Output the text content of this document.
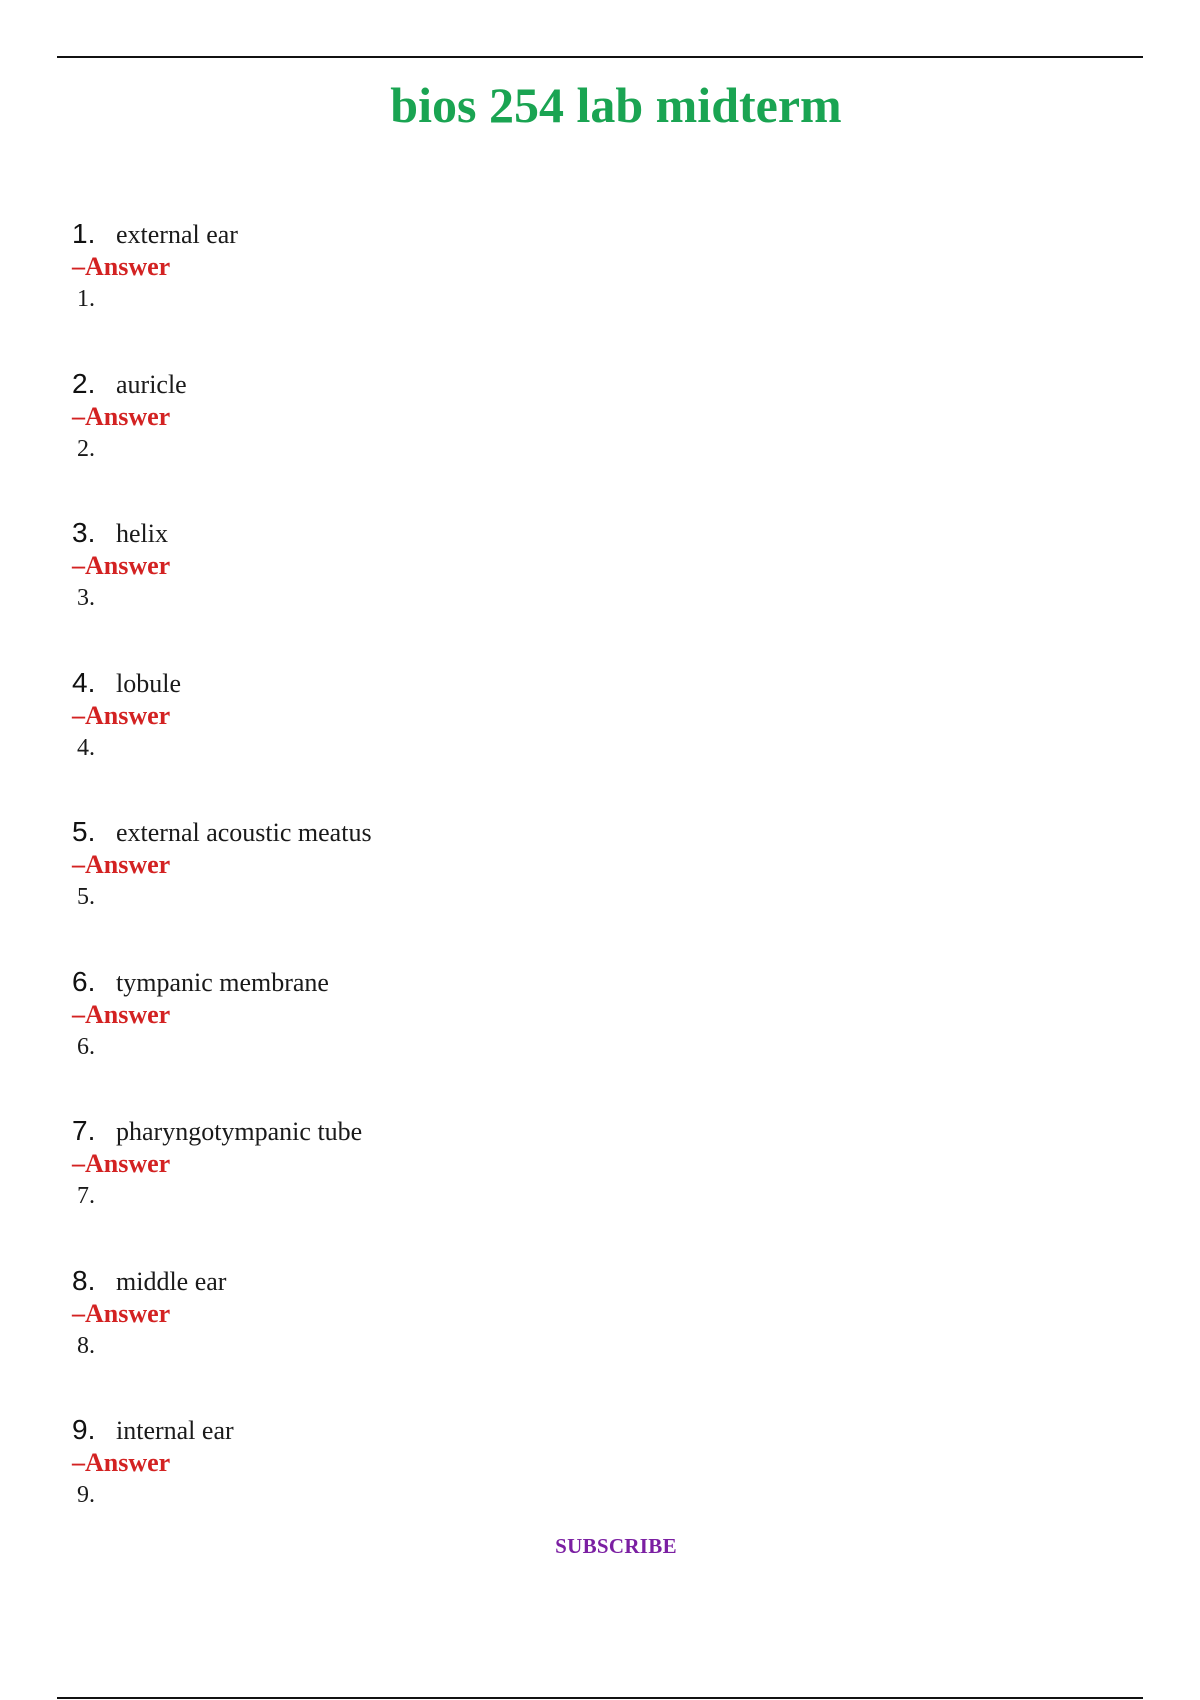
bios 254 lab midterm
1. external ear
–Answer
1.
2. auricle
–Answer
2.
3. helix
–Answer
3.
4. lobule
–Answer
4.
5. external acoustic meatus
–Answer
5.
6. tympanic membrane
–Answer
6.
7. pharyngotympanic tube
–Answer
7.
8. middle ear
–Answer
8.
9. internal ear
–Answer
9.
SUBSCRIBE
